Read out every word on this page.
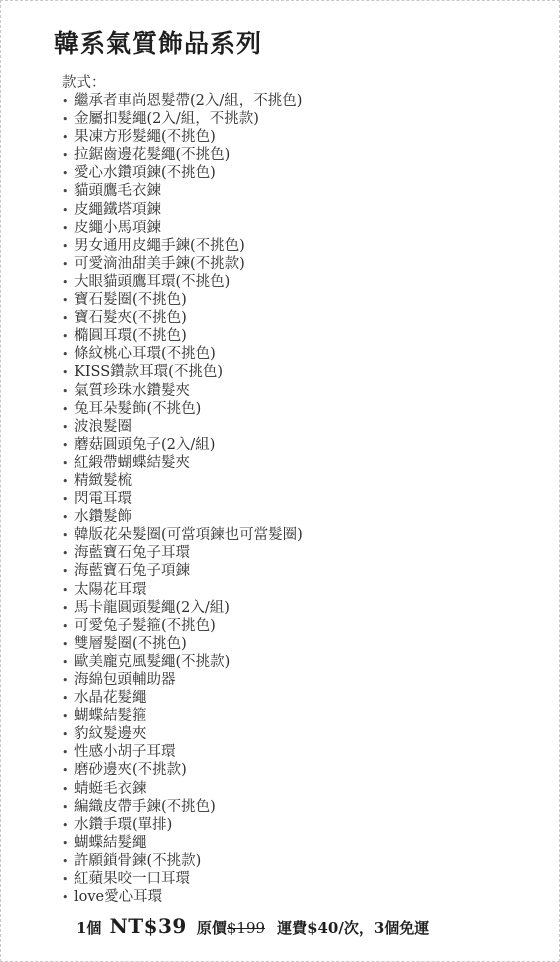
韓系氣質飾品系列
款式：
• 繼承者車尚恩髮帶(2入/組，不挑色)
• 金屬扣髮繩(2入/組，不挑款)
• 果凍方形髮繩(不挑色)
• 拉鋸齒邊花髮繩(不挑色)
• 愛心水鑽項鍊(不挑色)
• 貓頭鷹毛衣鍊
• 皮繩鐵塔項鍊
• 皮繩小馬項鍊
• 男女通用皮繩手鍊(不挑色)
• 可愛滴油甜美手鍊(不挑款)
• 大眼貓頭鷹耳環(不挑色)
• 寶石髮圈(不挑色)
• 寶石髮夾(不挑色)
• 橢圓耳環(不挑色)
• 條紋桃心耳環(不挑色)
• KISS鑽款耳環(不挑色)
• 氣質珍珠水鑽髮夾
• 兔耳朵髮飾(不挑色)
• 波浪髮圈
• 蘑菇圓頭兔子(2入/組)
• 紅緞帶蝴蝶結髮夾
• 精緻髮梳
• 閃電耳環
• 水鑽髮飾
• 韓版花朵髮圈(可當項鍊也可當髮圈)
• 海藍寶石兔子耳環
• 海藍寶石兔子項鍊
• 太陽花耳環
• 馬卡龍圓頭髮繩(2入/組)
• 可愛兔子髮箍(不挑色)
• 雙層髮圈(不挑色)
• 歐美龐克風髮繩(不挑款)
• 海綿包頭輔助器
• 水晶花髮繩
• 蝴蝶結髮箍
• 豹紋髮邊夾
• 性感小胡子耳環
• 磨砂邊夾(不挑款)
• 蜻蜓毛衣鍊
• 編織皮帶手鍊(不挑色)
• 水鑽手環(單排)
• 蝴蝶結髮繩
• 許願鎖骨鍊(不挑款)
• 紅蘋果咬一口耳環
• love愛心耳環
1個 NT$39 原價$199 運費$40/次，3個免運
